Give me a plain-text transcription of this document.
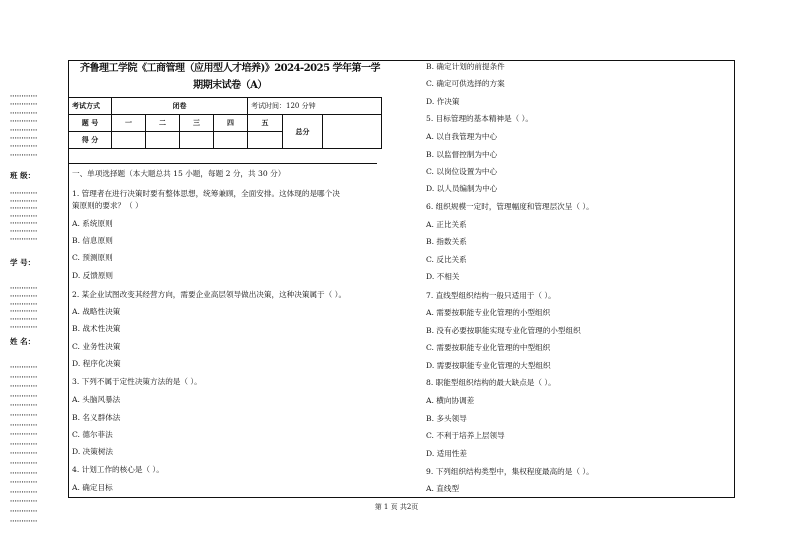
齐鲁理工学院《工商管理（应用型人才培养)》2024-2025 学年第一学
期期末试卷（A）
考试方式	闭卷				考试时间：120 分钟		
题 号	一	二	三	四	五	总分	
得 分							
一、单项选择题（本大题总共 15 小题，每题 2 分，共 30 分）
1. 管理者在进行决策时要有整体思想，统筹兼顾，全面安排。这体现的是哪个决
策原则的要求？（ ）
A. 系统原则
B. 信息原则
C. 预测原则
D. 反馈原则
2. 某企业试图改变其经营方向，需要企业高层领导做出决策，这种决策属于（ ）。
A. 战略性决策
B. 战术性决策
C. 业务性决策
D. 程序化决策
3. 下列不属于定性决策方法的是（ ）。
A. 头脑风暴法
B. 名义群体法
C. 德尔菲法
D. 决策树法
4. 计划工作的核心是（ ）。
A. 确定目标
B. 确定计划的前提条件
C. 确定可供选择的方案
D. 作决策
5. 目标管理的基本精神是（ ）。
A. 以自我管理为中心
B. 以监督控制为中心
C. 以岗位设置为中心
D. 以人员编制为中心
6. 组织规模一定时，管理幅度和管理层次呈（ ）。
A. 正比关系
B. 指数关系
C. 反比关系
D. 不相关
7. 直线型组织结构一般只适用于（ ）。
A. 需要按职能专业化管理的小型组织
B. 没有必要按职能实现专业化管理的小型组织
C. 需要按职能专业化管理的中型组织
D. 需要按职能专业化管理的大型组织
8. 职能型组织结构的最大缺点是（ ）。
A. 横向协调差
B. 多头领导
C. 不利于培养上层领导
D. 适用性差
9. 下列组织结构类型中，集权程度最高的是（ ）。
A. 直线型
············
············
············
············
············
············
············
············
班 级：
············
············
············
············
············
············
············
学 号：
············
············
············
············
············
············
姓 名：
············
············
············
············
············
············
············
············
············
············
············
············
············
············
············
············
············
第 1 页 共2页
